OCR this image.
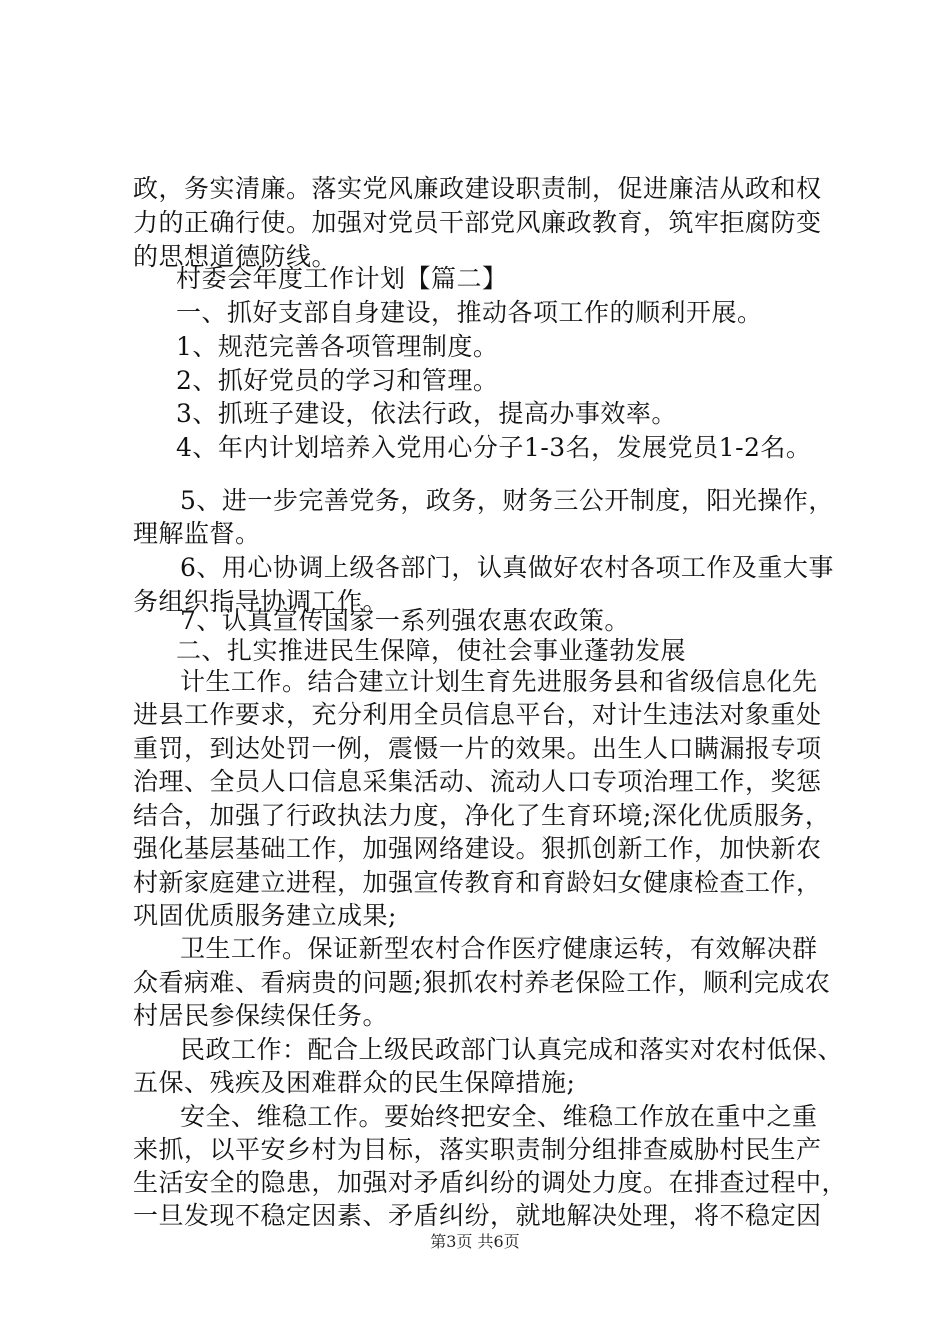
政，务实清廉。落实党风廉政建设职责制，促进廉洁从政和权
力的正确行使。加强对党员干部党风廉政教育，筑牢拒腐防变
的思想道德防线。
村委会年度工作计划【篇二】
一、抓好支部自身建设，推动各项工作的顺利开展。
1、规范完善各项管理制度。
2、抓好党员的学习和管理。
3、抓班子建设，依法行政，提高办事效率。
4、年内计划培养入党用心分子1-3名，发展党员1-2名。
5、进一步完善党务，政务，财务三公开制度，阳光操作，
理解监督。
6、用心协调上级各部门，认真做好农村各项工作及重大事
务组织指导协调工作。
7、认真宣传国家一系列强农惠农政策。
二、扎实推进民生保障，使社会事业蓬勃发展
计生工作。结合建立计划生育先进服务县和省级信息化先
进县工作要求，充分利用全员信息平台，对计生违法对象重处
重罚，到达处罚一例，震慑一片的效果。出生人口瞒漏报专项
治理、全员人口信息采集活动、流动人口专项治理工作，奖惩
结合，加强了行政执法力度，净化了生育环境;深化优质服务，
强化基层基础工作，加强网络建设。狠抓创新工作，加快新农
村新家庭建立进程，加强宣传教育和育龄妇女健康检查工作，
巩固优质服务建立成果;
卫生工作。保证新型农村合作医疗健康运转，有效解决群
众看病难、看病贵的问题;狠抓农村养老保险工作，顺利完成农
村居民参保续保任务。
民政工作：配合上级民政部门认真完成和落实对农村低保、
五保、残疾及困难群众的民生保障措施;
安全、维稳工作。要始终把安全、维稳工作放在重中之重
来抓，以平安乡村为目标，落实职责制分组排查威胁村民生产
生活安全的隐患，加强对矛盾纠纷的调处力度。在排查过程中，
一旦发现不稳定因素、矛盾纠纷，就地解决处理，将不稳定因
第3页 共6页
